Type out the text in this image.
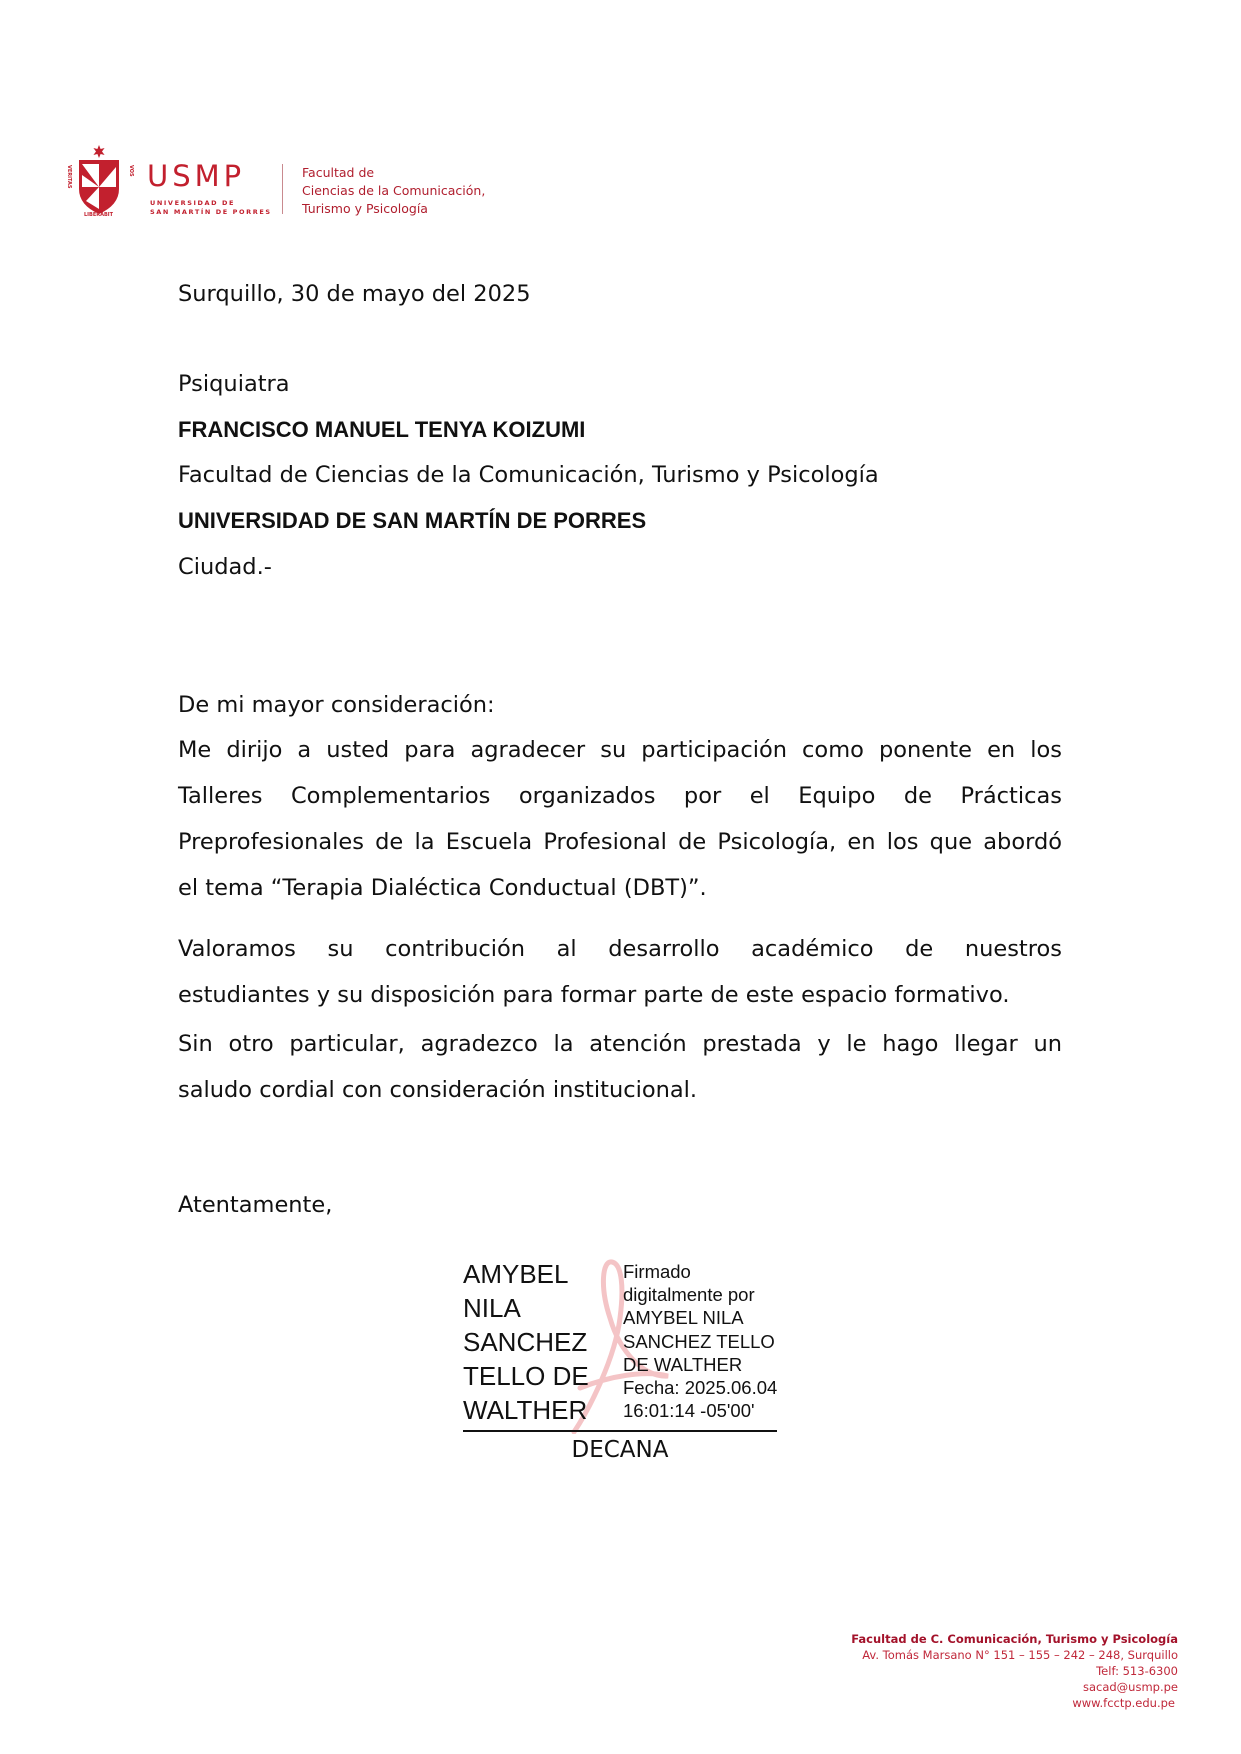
VERITAS	VOS
LIBERABIT
USMP
UNIVERSIDAD DE
SAN MARTÍN DE PORRES
Facultad de
Ciencias de la Comunicación,
Turismo y Psicología
Surquillo, 30 de mayo del 2025
Psiquiatra
FRANCISCO MANUEL TENYA KOIZUMI
Facultad de Ciencias de la Comunicación, Turismo y Psicología
UNIVERSIDAD DE SAN MARTÍN DE PORRES
Ciudad.-
De mi mayor consideración:
Me dirijo a usted para agradecer su participación como ponente en los
Talleres Complementarios organizados por el Equipo de Prácticas
Preprofesionales de la Escuela Profesional de Psicología, en los que abordó
el tema “Terapia Dialéctica Conductual (DBT)”.
Valoramos su contribución al desarrollo académico de nuestros
estudiantes y su disposición para formar parte de este espacio formativo.
Sin otro particular, agradezco la atención prestada y le hago llegar un
saludo cordial con consideración institucional.
Atentamente,
AMYBEL
NILA
SANCHEZ
TELLO DE
WALTHER
Firmado
digitalmente por
AMYBEL NILA
SANCHEZ TELLO
DE WALTHER
Fecha: 2025.06.04
16:01:14 -05'00'
DECANA
Facultad de C. Comunicación, Turismo y Psicología
Av. Tomás Marsano N° 151 – 155 – 242 – 248, Surquillo
Telf: 513-6300
sacad@usmp.pe
www.fcctp.edu.pe
